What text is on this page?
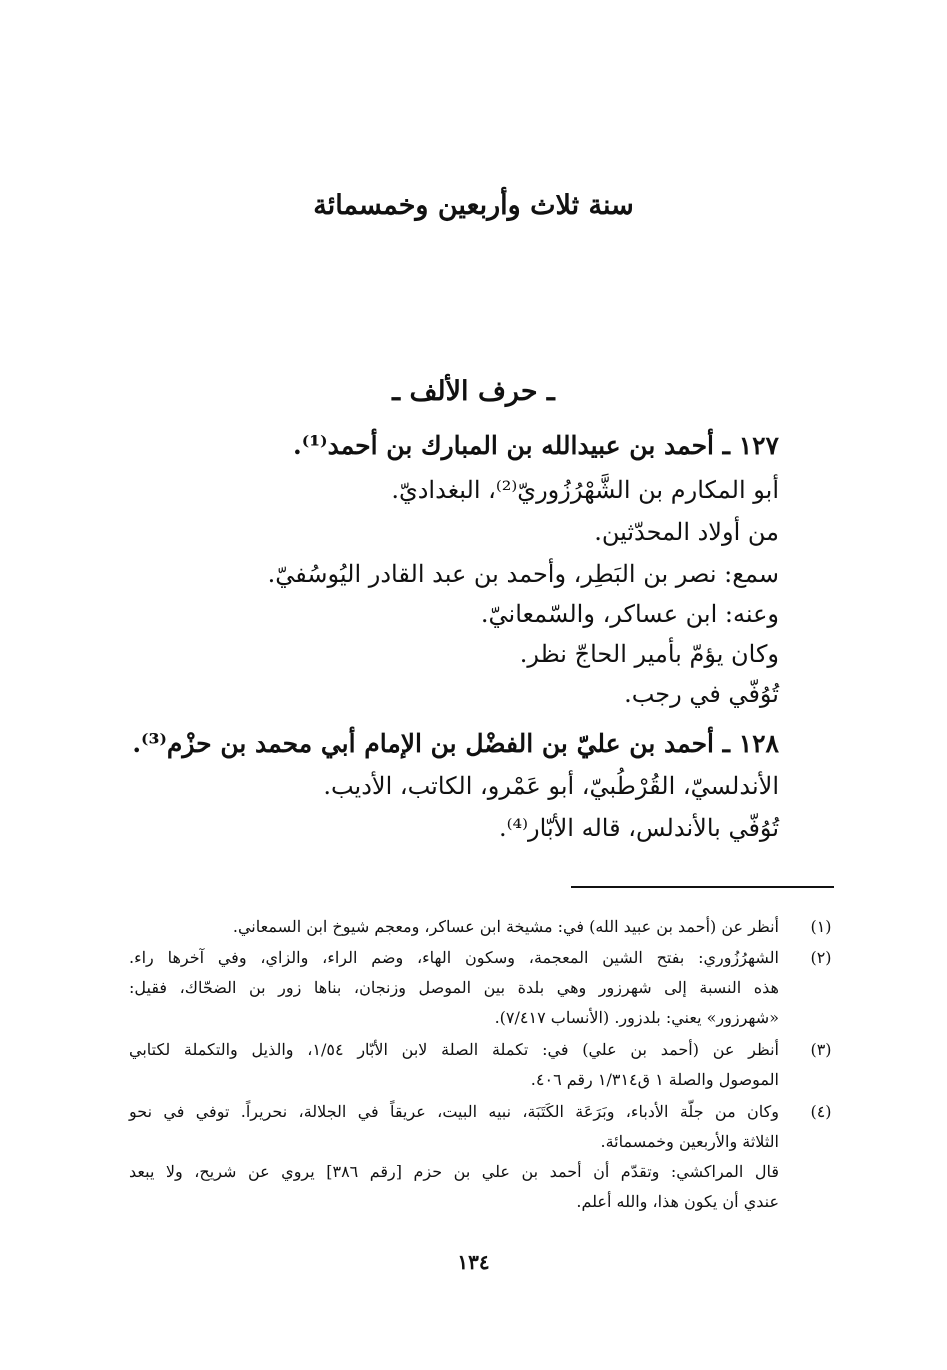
سنة ثلاث وأربعين وخمسمائة
ـ حرف الألف ـ
١٢٧ ـ أحمد بن عبيدالله بن المبارك بن أحمد⁽¹⁾.
أبو المكارم بن الشَّهْرُزُوريّ⁽²⁾، البغداديّ.
من أولاد المحدّثين.
سمع: نصر بن البَطِر، وأحمد بن عبد القادر اليُوسُفيّ.
وعنه: ابن عساكر، والسّمعانيّ.
وكان يؤمّ بأمير الحاجّ نظر.
تُوُفّي في رجب.
١٢٨ ـ أحمد بن عليّ بن الفضْل بن الإمام أبي محمد بن حزْم⁽³⁾.
الأندلسيّ، القُرْطُبيّ، أبو عَمْرو، الكاتب، الأديب.
تُوُفّي بالأندلس، قاله الأبّار⁽⁴⁾.
(١)
أنظر عن (أحمد بن عبيد الله) في: مشيخة ابن عساكر، ومعجم شيوخ ابن السمعاني.
(٢)
الشهرُزُوري: بفتح الشين المعجمة، وسكون الهاء، وضم الراء، والزاي، وفي آخرها راء.
هذه النسبة إلى شهرزور وهي بلدة بين الموصل وزنجان، بناها زور بن الضحّاك، فقيل:
«شهرزور» يعني: بلدزور. (الأنساب ٧/٤١٧).
(٣)
أنظر عن (أحمد بن علي) في: تكملة الصلة لابن الأبّار ١/٥٤، والذيل والتكملة لكتابي
الموصول والصلة ١ ق١/٣١٤ رقم ٤٠٦.
(٤)
وكان من جلّة الأدباء، وبَرَعَة الكَتَبَة، نبيه البيت، عريقاً في الجلالة، نحريراً. توفي في نحو
الثلاثة والأربعين وخمسمائة.
قال المراكشي: وتقدّم أن أحمد بن علي بن حزم [رقم ٣٨٦] يروي عن شريح، ولا يبعد
عندي أن يكون هذا، والله أعلم.
١٣٤
